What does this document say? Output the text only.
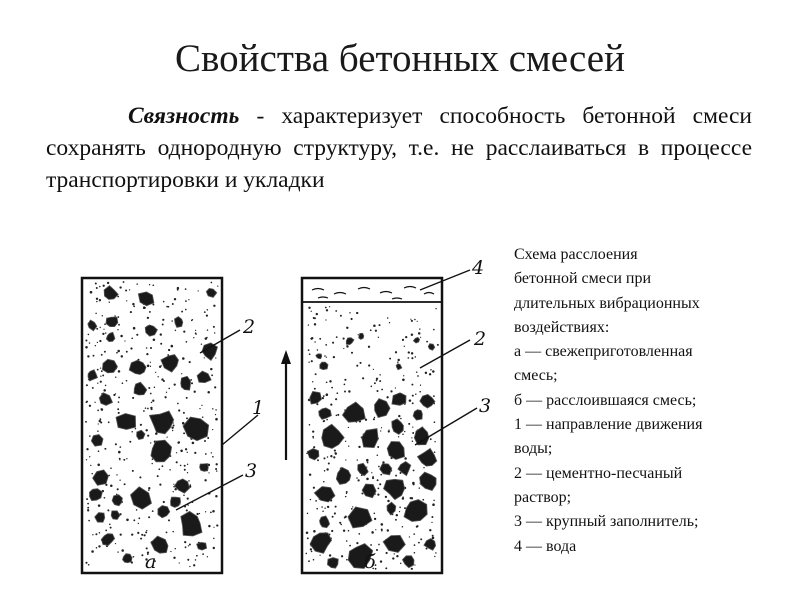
Свойства бетонных смесей
Связность - характеризует способность бетонной смеси сохранять однородную структуру, т.е. не расслаиваться в процессе транспортировки и укладки
2
3
1
4
2
3
а	б
Схема расслоения
бетонной смеси при
длительных вибрационных
воздействиях:
а — свежеприготовленная
смесь;
б — расслоившаяся смесь;
1 — направление движения
воды;
2 — цементно-песчаный
раствор;
3 — крупный заполнитель;
4 — вода
